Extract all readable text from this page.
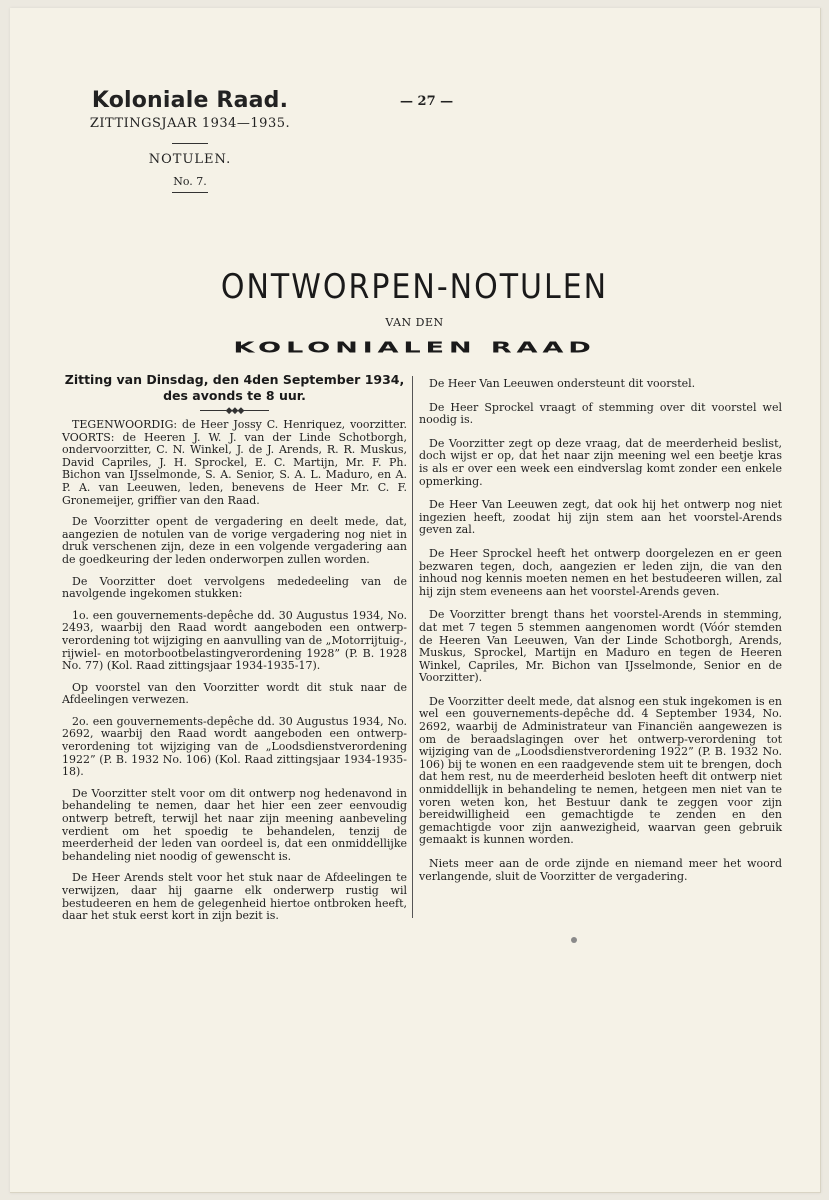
Koloniale Raad.
ZITTINGSJAAR 1934—1935.
NOTULEN.
No. 7.
— 27 —
ONTWORPEN-NOTULEN
VAN DEN
KOLONIALEN RAAD
Zitting van Dinsdag, den 4den September 1934,
des avonds te 8 uur.
◆◆◆

TEGENWOORDIG: de Heer Jossy C. Henriquez, voorzitter. VOORTS: de Heeren J. W. J. van der Linde Schotborgh, ondervoorzitter, C. N. Winkel, J. de J. Arends, R. R. Muskus, David Capriles, J. H. Sprockel, E. C. Martijn, Mr. F. Ph. Bichon van IJsselmonde, S. A. Senior, S. A. L. Maduro, en A. P. A. van Leeuwen, leden, benevens de Heer Mr. C. F. Gronemeijer, griffier van den Raad.

De Voorzitter opent de vergadering en deelt mede, dat, aangezien de notulen van de vorige vergadering nog niet in druk verschenen zijn, deze in een volgende vergadering aan de goedkeuring der leden onderworpen zullen worden.

De Voorzitter doet vervolgens mededeeling van de navolgende ingekomen stukken:

1o. een gouvernements-depêche dd. 30 Augustus 1934, No. 2493, waarbij den Raad wordt aangeboden een ontwerp-verordening tot wijziging en aanvulling van de „Motorrijtuig-, rijwiel- en motorbootbelastingverordening 1928” (P. B. 1928 No. 77) (Kol. Raad zittingsjaar 1934-1935-17).

Op voorstel van den Voorzitter wordt dit stuk naar de Afdeelingen verwezen.

2o. een gouvernements-depêche dd. 30 Augustus 1934, No. 2692, waarbij den Raad wordt aangeboden een ontwerp-verordening tot wijziging van de „Loodsdienstverordening 1922” (P. B. 1932 No. 106) (Kol. Raad zittingsjaar 1934-1935-18).

De Voorzitter stelt voor om dit ontwerp nog hedenavond in behandeling te nemen, daar het hier een zeer eenvoudig ontwerp betreft, terwijl het naar zijn meening aanbeveling verdient om het spoedig te behandelen, tenzij de meerderheid der leden van oordeel is, dat een onmiddellijke behandeling niet noodig of gewenscht is.

De Heer Arends stelt voor het stuk naar de Afdeelingen te verwijzen, daar hij gaarne elk onderwerp rustig wil bestudeeren en hem de gelegenheid hiertoe ontbroken heeft, daar het stuk eerst kort in zijn bezit is.

De Heer Van Leeuwen ondersteunt dit voorstel.

De Heer Sprockel vraagt of stemming over dit voorstel wel noodig is.

De Voorzitter zegt op deze vraag, dat de meerderheid beslist, doch wijst er op, dat het naar zijn meening wel een beetje kras is als er over een week een eindverslag komt zonder een enkele opmerking.

De Heer Van Leeuwen zegt, dat ook hij het ontwerp nog niet ingezien heeft, zoodat hij zijn stem aan het voorstel-Arends geven zal.

De Heer Sprockel heeft het ontwerp doorgelezen en er geen bezwaren tegen, doch, aangezien er leden zijn, die van den inhoud nog kennis moeten nemen en het bestudeeren willen, zal hij zijn stem eveneens aan het voorstel-Arends geven.

De Voorzitter brengt thans het voorstel-Arends in stemming, dat met 7 tegen 5 stemmen aangenomen wordt (Vóór stemden de Heeren Van Leeuwen, Van der Linde Schotborgh, Arends, Muskus, Sprockel, Martijn en Maduro en tegen de Heeren Winkel, Capriles, Mr. Bichon van IJsselmonde, Senior en de Voorzitter).

De Voorzitter deelt mede, dat alsnog een stuk ingekomen is en wel een gouvernements-depêche dd. 4 September 1934, No. 2692, waarbij de Administrateur van Financiën aangewezen is om de beraadslagingen over het ontwerp-verordening tot wijziging van de „Loodsdienstverordening 1922” (P. B. 1932 No. 106) bij te wonen en een raadgevende stem uit te brengen, doch dat hem rest, nu de meerderheid besloten heeft dit ontwerp niet onmiddellijk in behandeling te nemen, hetgeen men niet van te voren weten kon, het Bestuur dank te zeggen voor zijn bereidwilligheid een gemachtigde te zenden en den gemachtigde voor zijn aanwezigheid, waarvan geen gebruik gemaakt is kunnen worden.

Niets meer aan de orde zijnde en niemand meer het woord verlangende, sluit de Voorzitter de vergadering.
